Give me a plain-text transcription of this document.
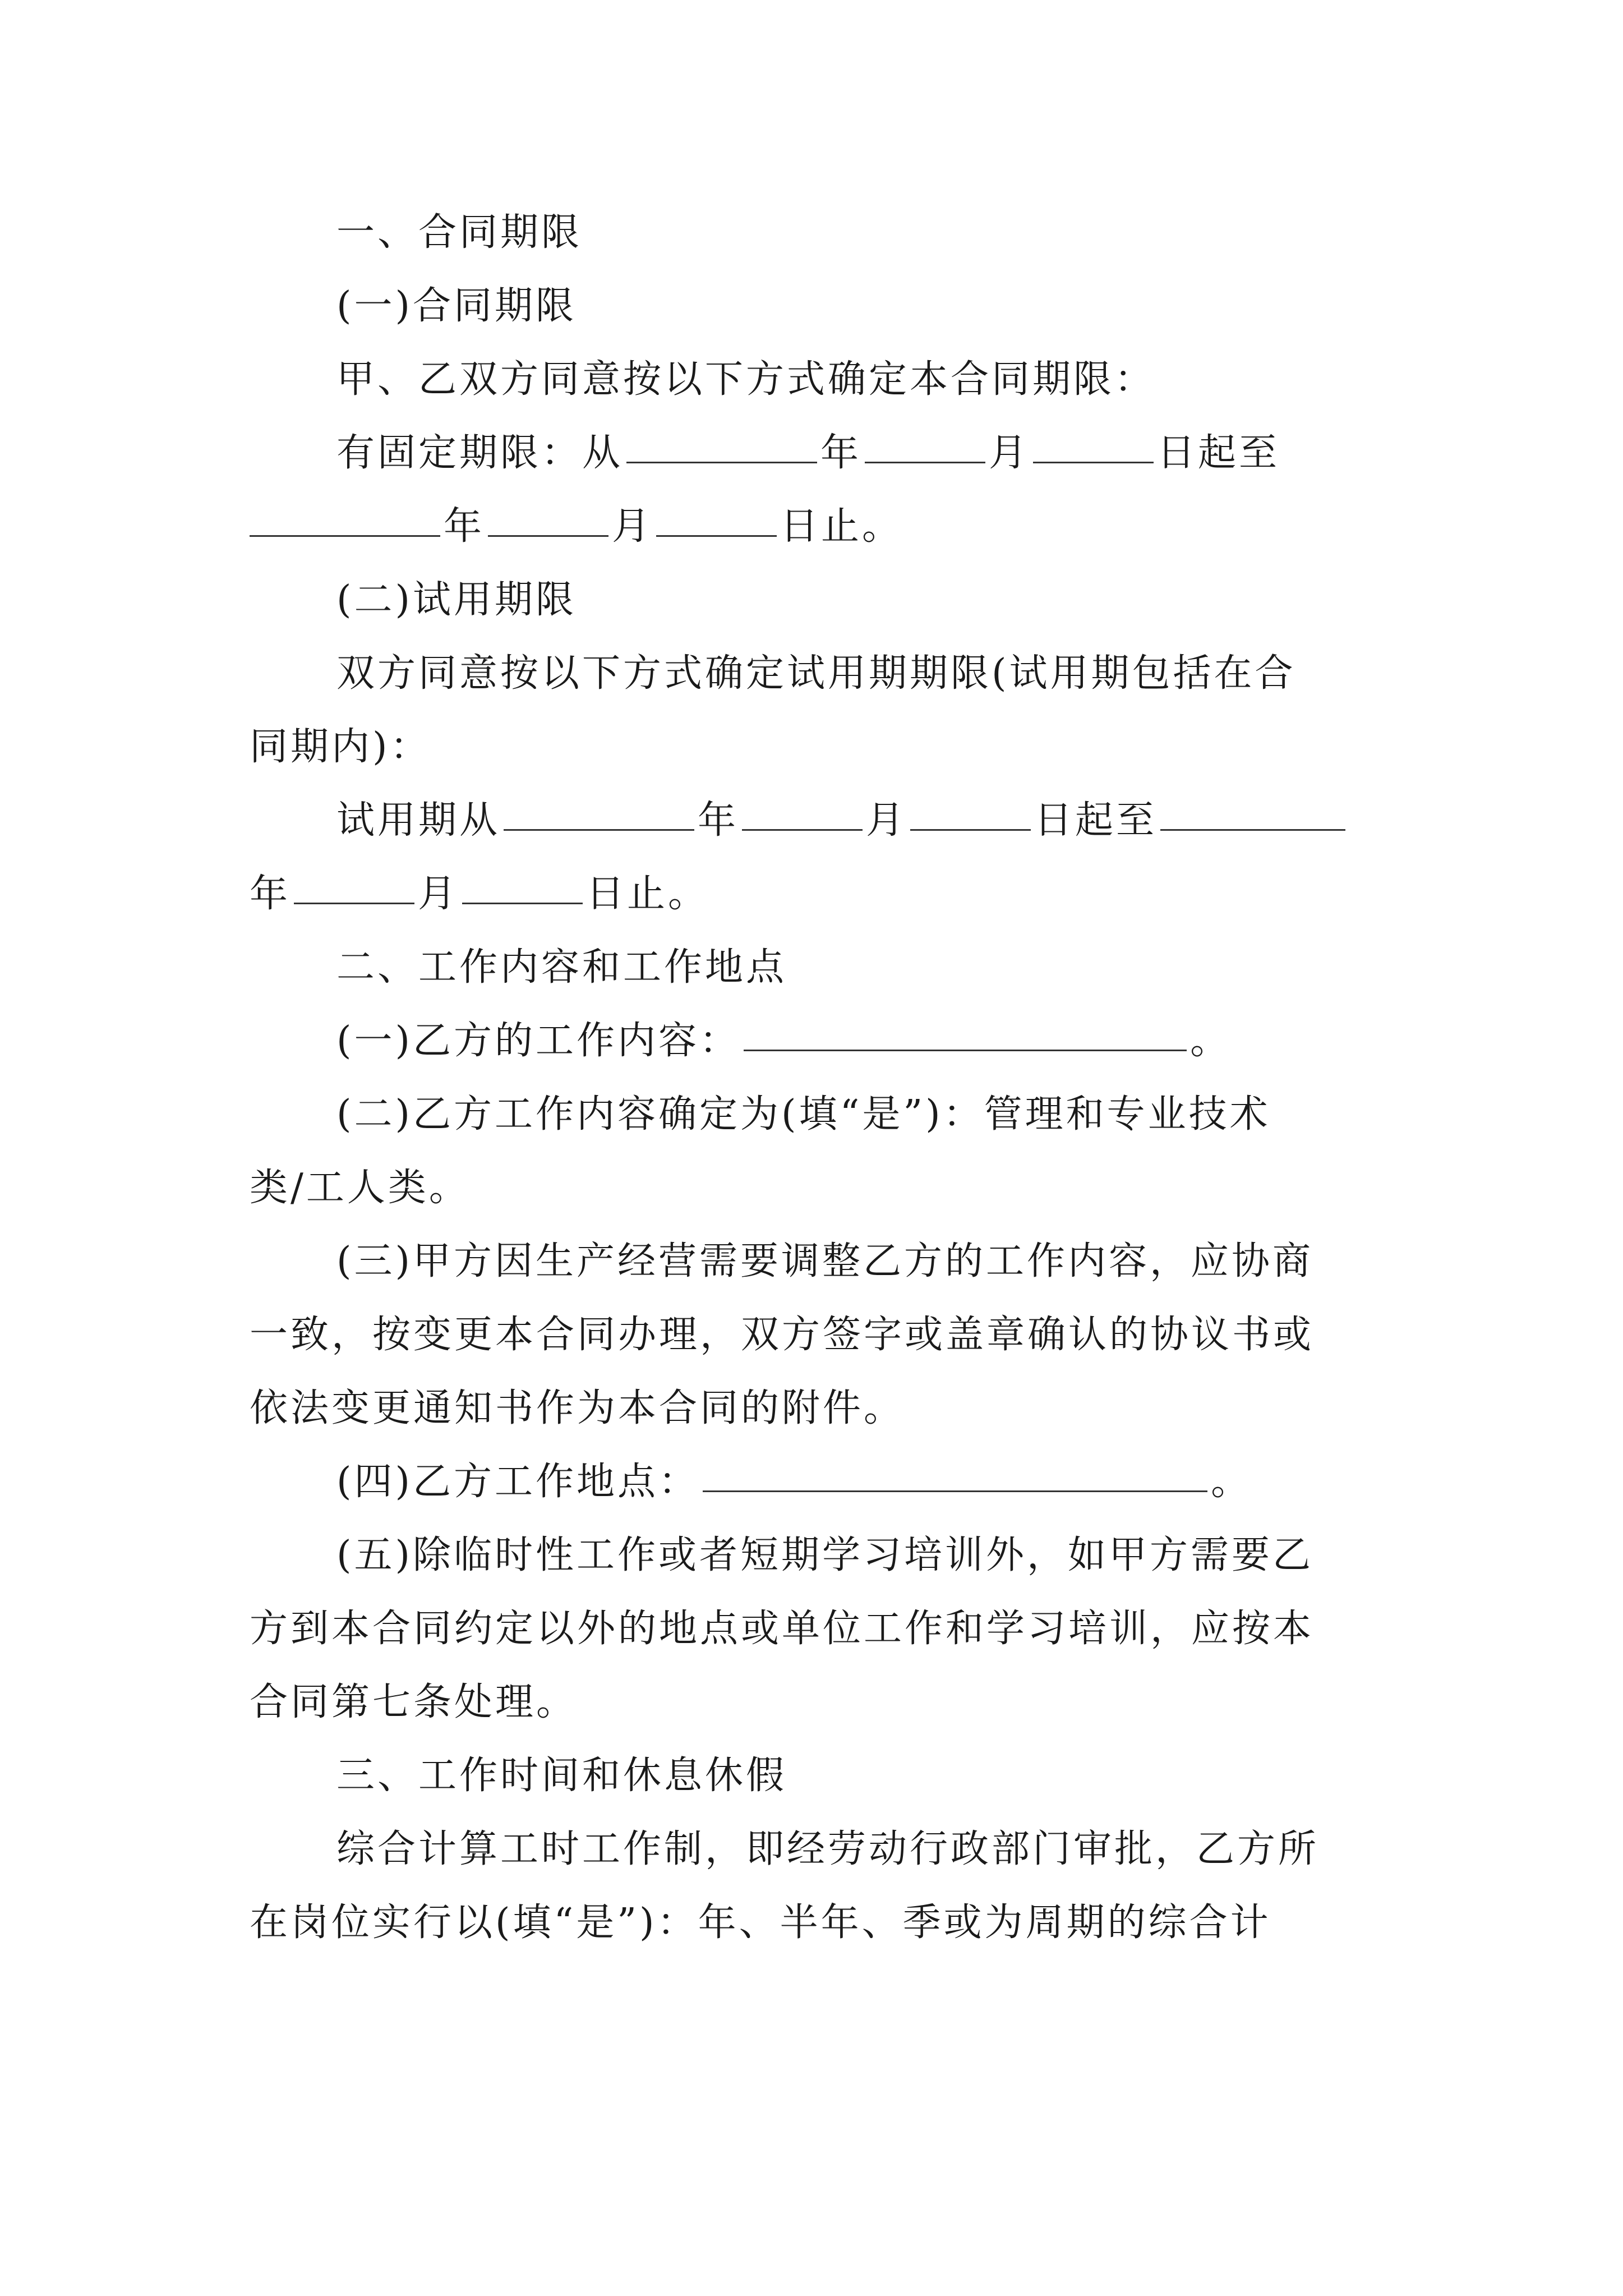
一、合同期限
(一)合同期限
甲、乙双方同意按以下方式确定本合同期限：
有固定期限：从	年	月	日起至
年	月	日止。
(二)试用期限
双方同意按以下方式确定试用期期限(试用期包括在合
同期内)：
试用期从	年	月	日起至
年	月	日止。
二、工作内容和工作地点
(一)乙方的工作内容：	。
(二)乙方工作内容确定为(填“是”)：管理和专业技术
类/工人类。
(三)甲方因生产经营需要调整乙方的工作内容，应协商
一致，按变更本合同办理，双方签字或盖章确认的协议书或
依法变更通知书作为本合同的附件。
(四)乙方工作地点：	。
(五)除临时性工作或者短期学习培训外，如甲方需要乙
方到本合同约定以外的地点或单位工作和学习培训，应按本
合同第七条处理。
三、工作时间和休息休假
综合计算工时工作制，即经劳动行政部门审批，乙方所
在岗位实行以(填“是”)：年、半年、季或为周期的综合计
